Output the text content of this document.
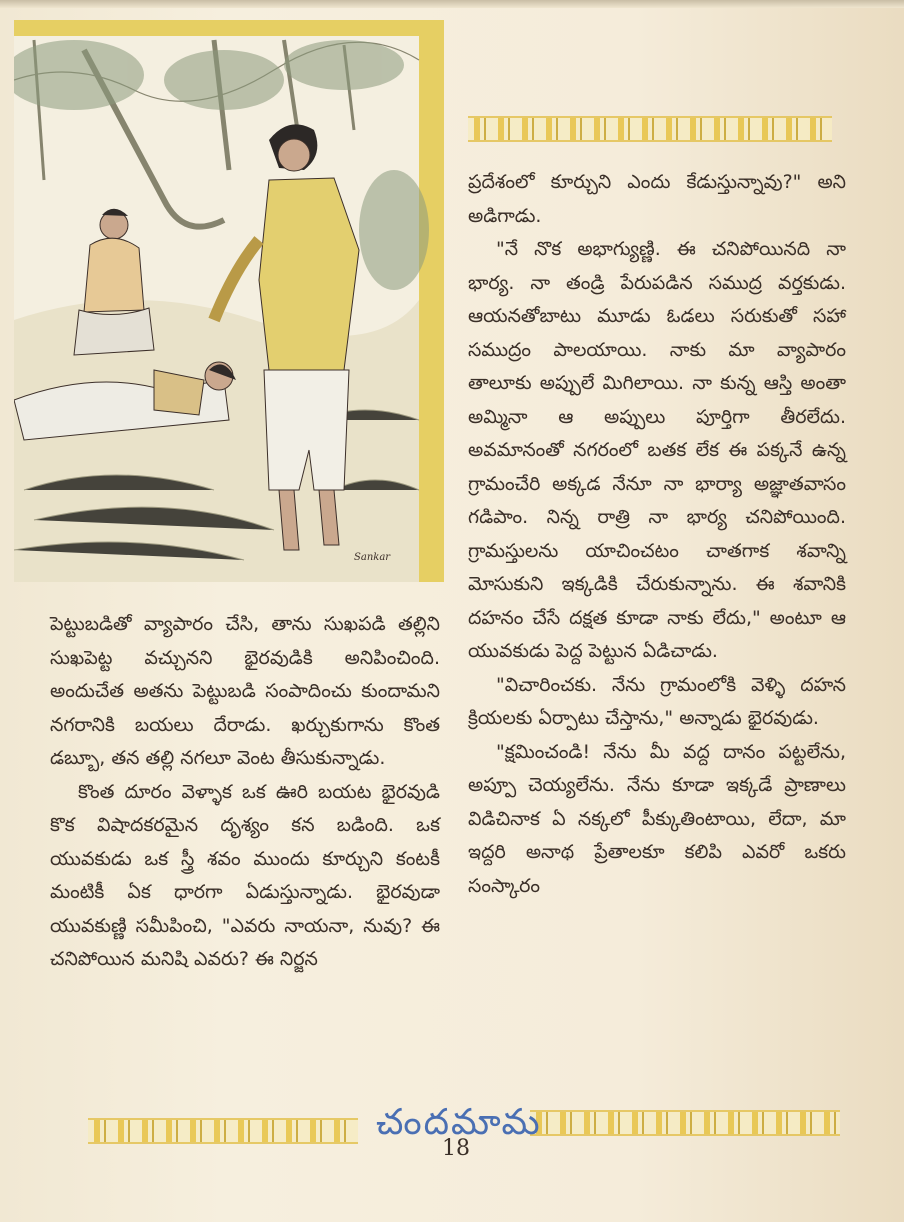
Sankar

ప్రదేశంలో కూర్చుని ఎందు కేడుస్తున్నావు?" అని అడిగాడు.

"నే నొక అభాగ్యుణ్ణి. ఈ చనిపోయినది నా భార్య. నా తండ్రి పేరుపడిన సముద్ర వర్తకుడు. ఆయనతోబాటు మూడు ఓడలు సరుకుతో సహా సముద్రం పాలయాయి. నాకు మా వ్యాపారం తాలూకు అప్పులే మిగిలాయి. నా కున్న ఆస్తి అంతా అమ్మినా ఆ అప్పులు పూర్తిగా తీరలేదు. అవమానంతో నగరంలో బతక లేక ఈ పక్కనే ఉన్న గ్రామంచేరి అక్కడ నేనూ నా భార్యా అజ్ఞాతవాసం గడిపాం. నిన్న రాత్రి నా భార్య చనిపోయింది. గ్రామస్తులను యాచించటం చాతగాక శవాన్ని మోసుకుని ఇక్కడికి చేరుకున్నాను. ఈ శవానికి దహనం చేసే దక్షత కూడా నాకు లేదు," అంటూ ఆ యువకుడు పెద్ద పెట్టున ఏడిచాడు.

"విచారించకు. నేను గ్రామంలోకి వెళ్ళి దహన క్రియలకు ఏర్పాటు చేస్తాను," అన్నాడు భైరవుడు.

"క్షమించండి! నేను మీ వద్ద దానం పట్టలేను, అప్పూ చెయ్యలేను. నేను కూడా ఇక్కడే ప్రాణాలు విడిచినాక ఏ నక్కలో పీక్కుతింటాయి, లేదా, మా ఇద్దరి అనాథ ప్రేతాలకూ కలిపి ఎవరో ఒకరు సంస్కారం

పెట్టుబడితో వ్యాపారం చేసి, తాను సుఖపడి తల్లిని సుఖపెట్ట వచ్చునని భైరవుడికి అనిపించింది. అందుచేత అతను పెట్టుబడి సంపాదించు కుందామని నగరానికి బయలు దేరాడు. ఖర్చుకుగాను కొంత డబ్బూ, తన తల్లి నగలూ వెంట తీసుకున్నాడు.

కొంత దూరం వెళ్ళాక ఒక ఊరి బయట భైరవుడి కొక విషాదకరమైన దృశ్యం కన బడింది. ఒక యువకుడు ఒక స్త్రీ శవం ముందు కూర్చుని కంటకీ మంటికీ ఏక ధారగా ఏడుస్తున్నాడు. భైరవుడా యువకుణ్ణి సమీపించి, "ఎవరు నాయనా, నువు? ఈ చనిపోయిన మనిషి ఎవరు? ఈ నిర్జన

చందమామ
18
